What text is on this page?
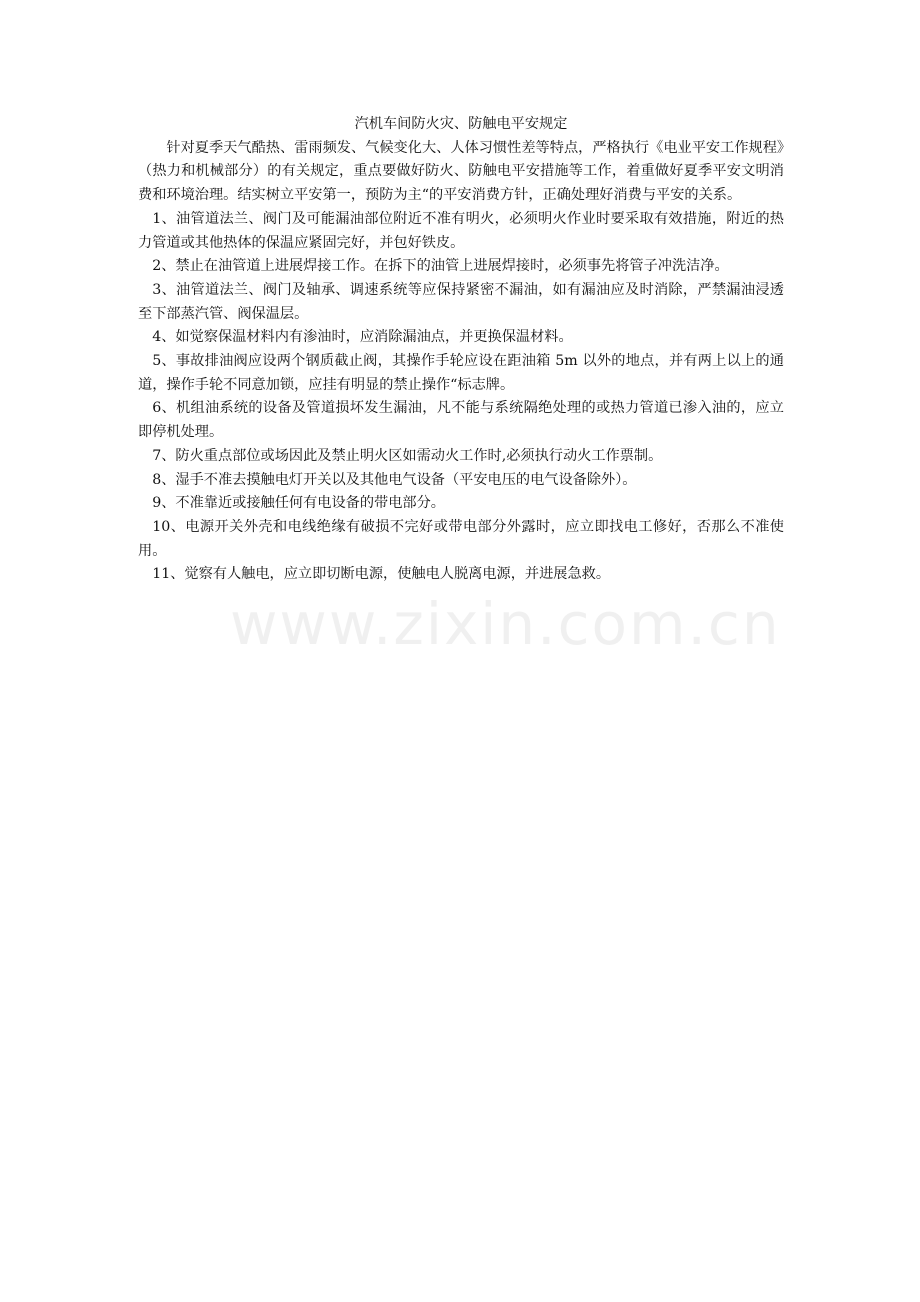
汽机车间防火灾、防触电平安规定

针对夏季天气酷热、雷雨频发、气候变化大、人体习惯性差等特点，严格执行《电业平安工作规程》（热力和机械部分）的有关规定，重点要做好防火、防触电平安措施等工作，着重做好夏季平安文明消费和环境治理。结实树立平安第一，预防为主“的平安消费方针，正确处理好消费与平安的关系。

1、油管道法兰、阀门及可能漏油部位附近不准有明火，必须明火作业时要采取有效措施，附近的热力管道或其他热体的保温应紧固完好，并包好铁皮。

2、禁止在油管道上进展焊接工作。在拆下的油管上进展焊接时，必须事先将管子冲洗洁净。

3、油管道法兰、阀门及轴承、调速系统等应保持紧密不漏油，如有漏油应及时消除，严禁漏油浸透至下部蒸汽管、阀保温层。

4、如觉察保温材料内有渗油时，应消除漏油点，并更换保温材料。

5、事故排油阀应设两个钢质截止阀，其操作手轮应设在距油箱 5m 以外的地点，并有两上以上的通道，操作手轮不同意加锁，应挂有明显的禁止操作“标志牌。

6、机组油系统的设备及管道损坏发生漏油，凡不能与系统隔绝处理的或热力管道已渗入油的，应立即停机处理。

7、防火重点部位或场因此及禁止明火区如需动火工作时,必须执行动火工作票制。

8、湿手不准去摸触电灯开关以及其他电气设备（平安电压的电气设备除外）。

9、不准靠近或接触任何有电设备的带电部分。

10、电源开关外壳和电线绝缘有破损不完好或带电部分外露时，应立即找电工修好，否那么不准使用。

11、觉察有人触电，应立即切断电源，使触电人脱离电源，并进展急救。

www.zixin.com.cn
